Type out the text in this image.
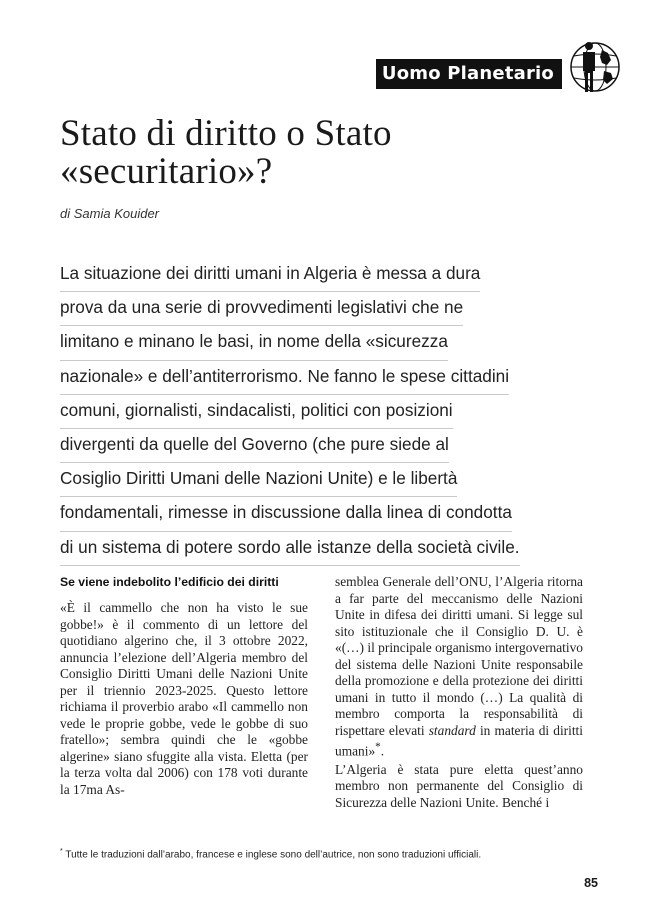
Uomo Planetario
Stato di diritto o Stato
«securitario»?
di Samia Kouider
La situazione dei diritti umani in Algeria è messa a dura
prova da una serie di provvedimenti legislativi che ne
limitano e minano le basi, in nome della «sicurezza
nazionale» e dell’antiterrorismo. Ne fanno le spese cittadini
comuni, giornalisti, sindacalisti, politici con posizioni
divergenti da quelle del Governo (che pure siede al
Cosiglio Diritti Umani delle Nazioni Unite) e le libertà
fondamentali, rimesse in discussione dalla linea di condotta
di un sistema di potere sordo alle istanze della società civile.
Se viene indebolito l’edificio dei diritti

«È il cammello che non ha visto le sue gobbe!» è il commento di un lettore del quotidiano algerino che, il 3 ottobre 2022, annuncia l’elezione dell’Algeria membro del Consiglio Diritti Umani delle Nazioni Unite per il triennio 2023-2025. Questo lettore richiama il proverbio arabo «Il cammello non vede le proprie gobbe, vede le gobbe di suo fratello»; sembra quindi che le «gobbe algerine» siano sfuggite alla vista. Eletta (per la terza volta dal 2006) con 178 voti durante la 17ma As-

semblea Generale dell’ONU, l’Algeria ritorna a far parte del meccanismo delle Nazioni Unite in difesa dei diritti umani. Si legge sul sito istituzionale che il Consiglio D. U. è «(…) il principale organismo intergovernativo del sistema delle Nazioni Unite responsabile della promozione e della protezione dei diritti umani in tutto il mondo (…) La qualità di membro comporta la responsabilità di rispettare elevati standard in materia di diritti umani»*.

L’Algeria è stata pure eletta quest’anno membro non permanente del Consiglio di Sicurezza delle Nazioni Unite. Benché i

* Tutte le traduzioni dall’arabo, francese e inglese sono dell’autrice, non sono traduzioni ufficiali.
85
